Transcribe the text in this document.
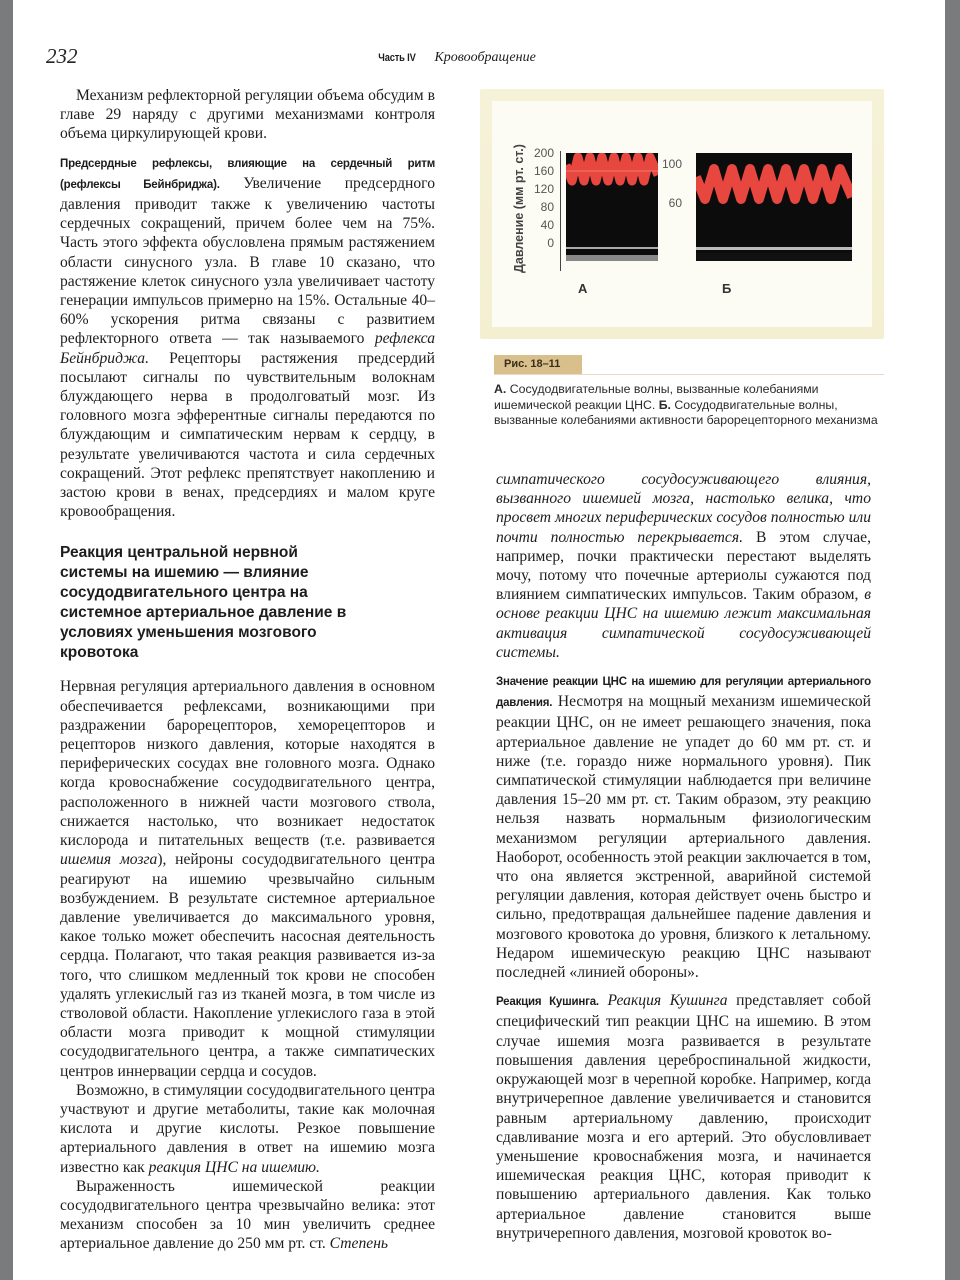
232	Часть IV Кровообращение

Механизм рефлекторной регуляции объема обсудим в главе 29 наряду с другими механизмами контроля объема циркулирующей крови.

Предсердные рефлексы, влияющие на сердечный ритм (рефлексы Бейнбриджа). Увеличение предсердного давления приводит также к увеличению частоты сердечных сокращений, причем более чем на 75%. Часть этого эффекта обусловлена прямым растяжением области синусного узла. В главе 10 сказано, что растяжение клеток синусного узла увеличивает частоту генерации импульсов примерно на 15%. Остальные 40–60% ускорения ритма связаны с развитием рефлекторного ответа — так называемого рефлекса Бейнбриджа. Рецепторы растяжения предсердий посылают сигналы по чувствительным волокнам блуждающего нерва в продолговатый мозг. Из головного мозга эфферентные сигналы передаются по блуждающим и симпатическим нервам к сердцу, в результате увеличиваются частота и сила сердечных сокращений. Этот рефлекс препятствует накоплению и застою крови в венах, предсердиях и малом круге кровообращения.

Реакция центральной нервной системы на ишемию — влияние сосудодвигательного центра на системное артериальное давление в условиях уменьшения мозгового кровотока

Нервная регуляция артериального давления в основном обеспечивается рефлексами, возникающими при раздражении барорецепторов, хеморецепторов и рецепторов низкого давления, которые находятся в периферических сосудах вне головного мозга. Однако когда кровоснабжение сосудодвигательного центра, расположенного в нижней части мозгового ствола, снижается настолько, что возникает недостаток кислорода и питательных веществ (т.е. развивается ишемия мозга), нейроны сосудодвигательного центра реагируют на ишемию чрезвычайно сильным возбуждением. В результате системное артериальное давление увеличивается до максимального уровня, какое только может обеспечить насосная деятельность сердца. Полагают, что такая реакция развивается из-за того, что слишком медленный ток крови не способен удалять углекислый газ из тканей мозга, в том числе из стволовой области. Накопление углекислого газа в этой области мозга приводит к мощной стимуляции сосудодвигательного центра, а также симпатических центров иннервации сердца и сосудов.

Возможно, в стимуляции сосудодвигательного центра участвуют и другие метаболиты, такие как молочная кислота и другие кислоты. Резкое повышение артериального давления в ответ на ишемию мозга известно как реакция ЦНС на ишемию.

Выраженность ишемической реакции сосудодвигательного центра чрезвычайно велика: этот механизм способен за 10 мин увеличить среднее артериальное давление до 250 мм рт. ст. Степень

Давление (мм рт. ст.) 200
160
120
80
40
0
А
100
60
Б
Рис. 18–11
А. Сосудодвигательные волны, вызванные колебаниями ишемической реакции ЦНС. Б. Сосудодвигательные волны, вызванные колебаниями активности барорецепторного механизма

симпатического сосудосуживающего влияния, вызванного ишемией мозга, настолько велика, что просвет многих периферических сосудов полностью или почти полностью перекрывается. В этом случае, например, почки практически перестают выделять мочу, потому что почечные артериолы сужаются под влиянием симпатических импульсов. Таким образом, в основе реакции ЦНС на ишемию лежит максимальная активация симпатической сосудосуживающей системы.

Значение реакции ЦНС на ишемию для регуляции артериального давления. Несмотря на мощный механизм ишемической реакции ЦНС, он не имеет решающего значения, пока артериальное давление не упадет до 60 мм рт. ст. и ниже (т.е. гораздо ниже нормального уровня). Пик симпатической стимуляции наблюдается при величине давления 15–20 мм рт. ст. Таким образом, эту реакцию нельзя назвать нормальным физиологическим механизмом регуляции артериального давления. Наоборот, особенность этой реакции заключается в том, что она является экстренной, аварийной системой регуляции давления, которая действует очень быстро и сильно, предотвращая дальнейшее падение давления и мозгового кровотока до уровня, близкого к летальному. Недаром ишемическую реакцию ЦНС называют последней «линией обороны».

Реакция Кушинга. Реакция Кушинга представляет собой специфический тип реакции ЦНС на ишемию. В этом случае ишемия мозга развивается в результате повышения давления цереброспинальной жидкости, окружающей мозг в черепной коробке. Например, когда внутричерепное давление увеличивается и становится равным артериальному давлению, происходит сдавливание мозга и его артерий. Это обусловливает уменьшение кровоснабжения мозга, и начинается ишемическая реакция ЦНС, которая приводит к повышению артериального давления. Как только артериальное давление становится выше внутричерепного давления, мозговой кровоток во-
